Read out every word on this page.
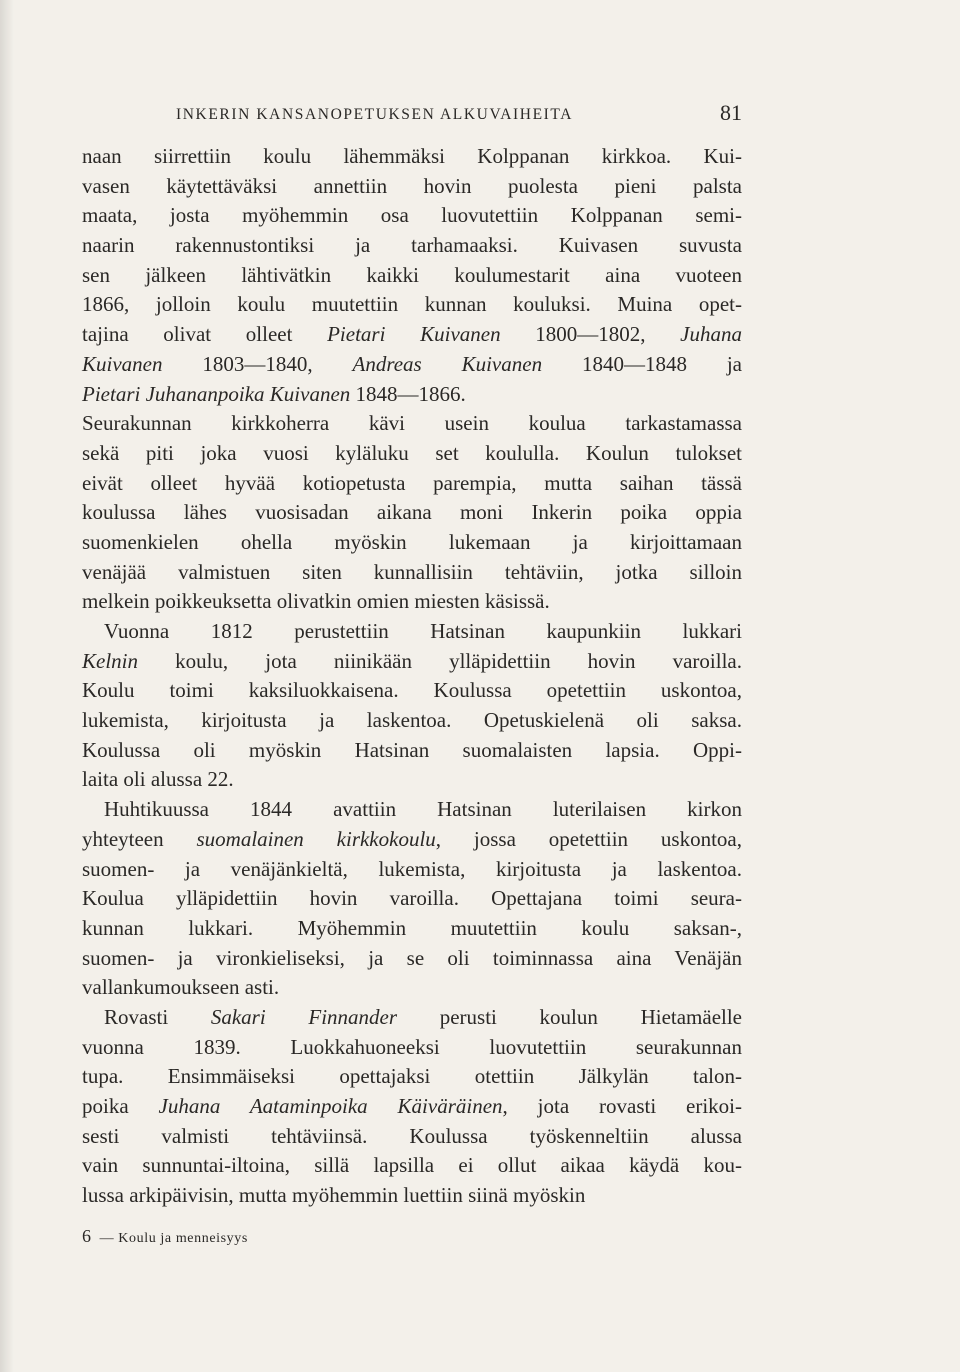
INKERIN KANSANOPETUKSEN ALKUVAIHEITA	81
naan siirrettiin koulu lähemmäksi Kolppanan kirkkoa. Kui-
vasen käytettäväksi annettiin hovin puolesta pieni palsta
maata, josta myöhemmin osa luovutettiin Kolppanan semi-
naarin rakennustontiksi ja tarhamaaksi. Kuivasen suvusta
sen jälkeen lähtivätkin kaikki koulumestarit aina vuoteen
1866, jolloin koulu muutettiin kunnan kouluksi. Muina opet-
tajina olivat olleet Pietari Kuivanen 1800—1802, Juhana
Kuivanen 1803—1840, Andreas Kuivanen 1840—1848 ja
Pietari Juhananpoika Kuivanen 1848—1866.
Seurakunnan kirkkoherra kävi usein koulua tarkastamassa
sekä piti joka vuosi kyläluku set koululla. Koulun tulokset
eivät olleet hyvää kotiopetusta parempia, mutta saihan tässä
koulussa lähes vuosisadan aikana moni Inkerin poika oppia
suomenkielen ohella myöskin lukemaan ja kirjoittamaan
venäjää valmistuen siten kunnallisiin tehtäviin, jotka silloin
melkein poikkeuksetta olivatkin omien miesten käsissä.
Vuonna 1812 perustettiin Hatsinan kaupunkiin lukkari
Kelnin koulu, jota niinikään ylläpidettiin hovin varoilla.
Koulu toimi kaksiluokkaisena. Koulussa opetettiin uskontoa,
lukemista, kirjoitusta ja laskentoa. Opetuskielenä oli saksa.
Koulussa oli myöskin Hatsinan suomalaisten lapsia. Oppi-
laita oli alussa 22.
Huhtikuussa 1844 avattiin Hatsinan luterilaisen kirkon
yhteyteen suomalainen kirkkokoulu, jossa opetettiin uskontoa,
suomen- ja venäjänkieltä, lukemista, kirjoitusta ja laskentoa.
Koulua ylläpidettiin hovin varoilla. Opettajana toimi seura-
kunnan lukkari. Myöhemmin muutettiin koulu saksan-,
suomen- ja vironkieliseksi, ja se oli toiminnassa aina Venäjän
vallankumoukseen asti.
Rovasti Sakari Finnander perusti koulun Hietamäelle
vuonna 1839. Luokkahuoneeksi luovutettiin seurakunnan
tupa. Ensimmäiseksi opettajaksi otettiin Jälkylän talon-
poika Juhana Aataminpoika Käiväräinen, jota rovasti erikoi-
sesti valmisti tehtäviinsä. Koulussa työskenneltiin alussa
vain sunnuntai-iltoina, sillä lapsilla ei ollut aikaa käydä kou-
lussa arkipäivisin, mutta myöhemmin luettiin siinä myöskin
6 — Koulu ja menneisyys
